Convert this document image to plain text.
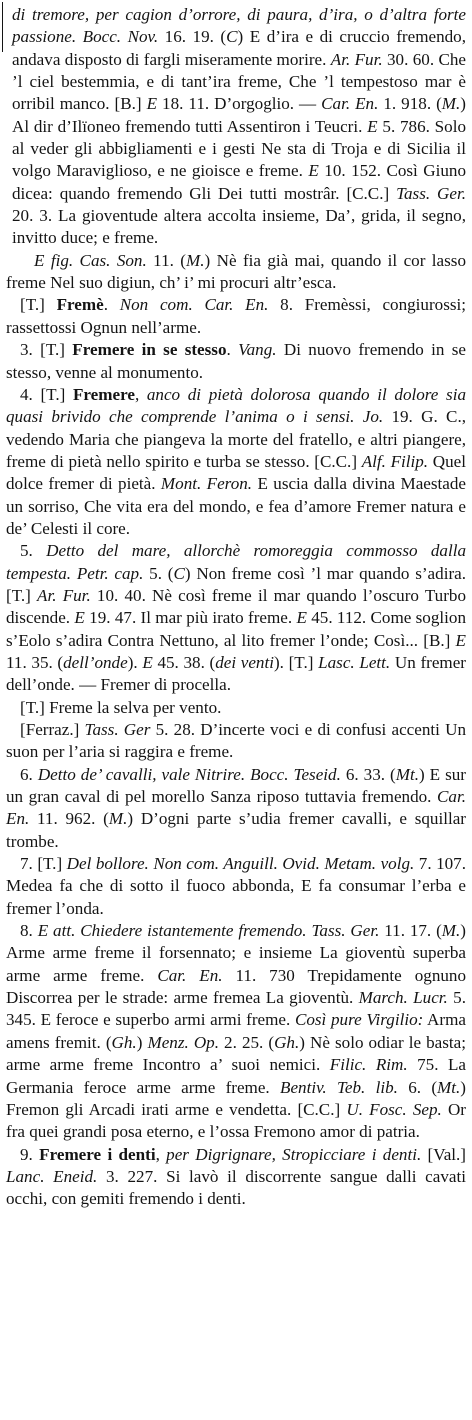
di tremore, per cagion d’orrore, di paura, d’ira, o d’altra forte passione. Bocc. Nov. 16. 19. (C) E d’ira e di cruccio fremendo, andava disposto di fargli miseramente morire. Ar. Fur. 30. 60. Che ’l ciel bestemmia, e di tant’ira freme, Che ’l tempestoso mar è orribil manco. [B.] E 18. 11. D’orgoglio. — Car. En. 1. 918. (M.) Al dir d’Ilïoneo fremendo tutti Assentiron i Teucri. E 5. 786. Solo al veder gli abbigliamenti e i gesti Ne sta di Troja e di Sicilia il volgo Maraviglioso, e ne gioisce e freme. E 10. 152. Così Giuno dicea: quando fremendo Gli Dei tutti mostrâr. [C.C.] Tass. Ger. 20. 3. La gioventude altera accolta insieme, Da’, grida, il segno, invitto duce; e freme.

E fig. Cas. Son. 11. (M.) Nè fia già mai, quando il cor lasso freme Nel suo digiun, ch’ i’ mi procuri altr’esca.

[T.] Fremè. Non com. Car. En. 8. Fremèssi, congiurossi; rassettossi Ognun nell’arme.

3. [T.] Fremere in se stesso. Vang. Di nuovo fremendo in se stesso, venne al monumento.

4. [T.] Fremere, anco di pietà dolorosa quando il dolore sia quasi brivido che comprende l’anima o i sensi. Jo. 19. G. C., vedendo Maria che piangeva la morte del fratello, e altri piangere, freme di pietà nello spirito e turba se stesso. [C.C.] Alf. Filip. Quel dolce fremer di pietà. Mont. Feron. E uscia dalla divina Maestade un sorriso, Che vita era del mondo, e fea d’amore Fremer natura e de’ Celesti il core.

5. Detto del mare, allorchè romoreggia commosso dalla tempesta. Petr. cap. 5. (C) Non freme così ’l mar quando s’adira. [T.] Ar. Fur. 10. 40. Nè così freme il mar quando l’oscuro Turbo discende. E 19. 47. Il mar più irato freme. E 45. 112. Come soglion s’Eolo s’adira Contra Nettuno, al lito fremer l’onde; Così... [B.] E 11. 35. (dell’onde). E 45. 38. (dei venti). [T.] Lasc. Lett. Un fremer dell’onde. — Fremer di procella.

[T.] Freme la selva per vento.

[Ferraz.] Tass. Ger 5. 28. D’incerte voci e di confusi accenti Un suon per l’aria si raggira e freme.

6. Detto de’ cavalli, vale Nitrire. Bocc. Teseid. 6. 33. (Mt.) E sur un gran caval di pel morello Sanza riposo tuttavia fremendo. Car. En. 11. 962. (M.) D’ogni parte s’udia fremer cavalli, e squillar trombe.

7. [T.] Del bollore. Non com. Anguill. Ovid. Metam. volg. 7. 107. Medea fa che di sotto il fuoco abbonda, E fa consumar l’erba e fremer l’onda.

8. E att. Chiedere istantemente fremendo. Tass. Ger. 11. 17. (M.) Arme arme freme il forsennato; e insieme La gioventù superba arme arme freme. Car. En. 11. 730 Trepidamente ognuno Discorrea per le strade: arme fremea La gioventù. March. Lucr. 5. 345. E feroce e superbo armi armi freme. Così pure Virgilio: Arma amens fremit. (Gh.) Menz. Op. 2. 25. (Gh.) Nè solo odiar le basta; arme arme freme Incontro a’ suoi nemici. Filic. Rim. 75. La Germania feroce arme arme freme. Bentiv. Teb. lib. 6. (Mt.) Fremon gli Arcadi irati arme e vendetta. [C.C.] U. Fosc. Sep. Or fra quei grandi posa eterno, e l’ossa Fremono amor di patria.

9. Fremere i denti, per Digrignare, Stropicciare i denti. [Val.] Lanc. Eneid. 3. 227. Si lavò il discorrente sangue dalli cavati occhi, con gemiti fremendo i denti.
